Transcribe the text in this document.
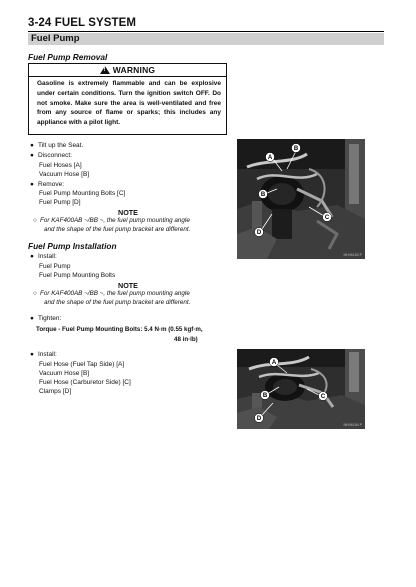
3-24 FUEL SYSTEM
Fuel Pump
Fuel Pump Removal
!
WARNING
Gasoline is extremely flammable and can be explosive under certain conditions. Turn the ignition switch OFF. Do not smoke. Make sure the area is well-ventilated and free from any source of flame or sparks; this includes any appliance with a pilot light.
● Tilt up the Seat.
● Disconnect:
Fuel Hoses [A]
Vacuum Hose [B]
● Remove:
Fuel Pump Mounting Bolts [C]
Fuel Pump [D]
NOTE
○ For KAF400AB ~/BB ~, the fuel pump mounting angle
and the shape of the fuel pump bracket are different.
Fuel Pump Installation
● Install:
Fuel Pump
Fuel Pump Mounting Bolts
NOTE
○ For KAF400AB ~/BB ~, the fuel pump mounting angle
and the shape of the fuel pump bracket are different.
● Tighten:
Torque - Fuel Pump Mounting Bolts: 5.4 N·m (0.55 kgf·m,
48 in·lb)
● Install:
Fuel Hose (Fuel Tap Side) [A]
Vacuum Hose [B]
Fuel Hose (Carburetor Side) [C]
Clamps [D]
A
B
B
C
D
MH06183 P
A
B	C
D
MH06184 P
